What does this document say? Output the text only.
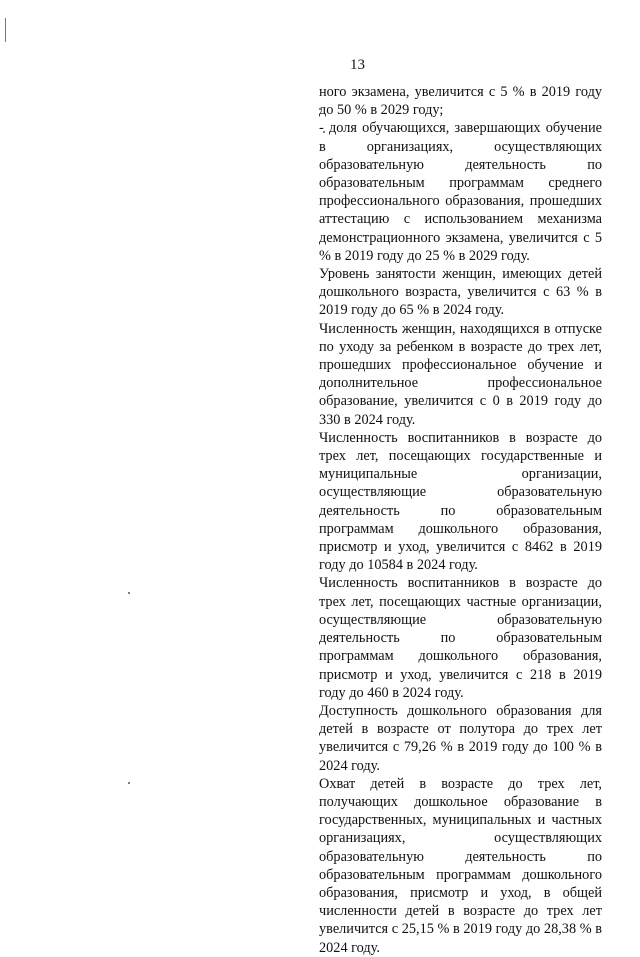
13

ного экзамена, увеличится с 5 % в 2019 году до 50 % в 2029 году;

- доля обучающихся, завершающих обучение в организациях, осуществляющих образовательную деятельность по образовательным программам среднего профессионального образования, прошедших аттестацию с использованием механизма демонстрационного экзамена, увеличится с 5 % в 2019 году до 25 % в 2029 году.

Уровень занятости женщин, имеющих детей дошкольного возраста, увеличится с 63 % в 2019 году до 65 % в 2024 году.

Численность женщин, находящихся в отпуске по уходу за ребенком в возрасте до трех лет, прошедших профессиональное обучение и дополнительное профессиональное образование, увеличится с 0 в 2019 году до 330 в 2024 году.

Численность воспитанников в возрасте до трех лет, посещающих государственные и муниципальные организации, осуществляющие образовательную деятельность по образовательным программам дошкольного образования, присмотр и уход, увеличится с 8462 в 2019 году до 10584 в 2024 году.

Численность воспитанников в возрасте до трех лет, посещающих частные организации, осуществляющие образовательную деятельность по образовательным программам дошкольного образования, присмотр и уход, увеличится с 218 в 2019 году до 460 в 2024 году.

Доступность дошкольного образования для детей в возрасте от полутора до трех лет увеличится с 79,26 % в 2019 году до 100 % в 2024 году.

Охват детей в возрасте до трех лет, получающих дошкольное образование в государственных, муниципальных и частных организациях, осуществляющих образовательную деятельность по образовательным программам дошкольного образования, присмотр и уход, в общей численности детей в возрасте до трех лет увеличится с 25,15 % в 2019 году до 28,38 % в 2024 году.
